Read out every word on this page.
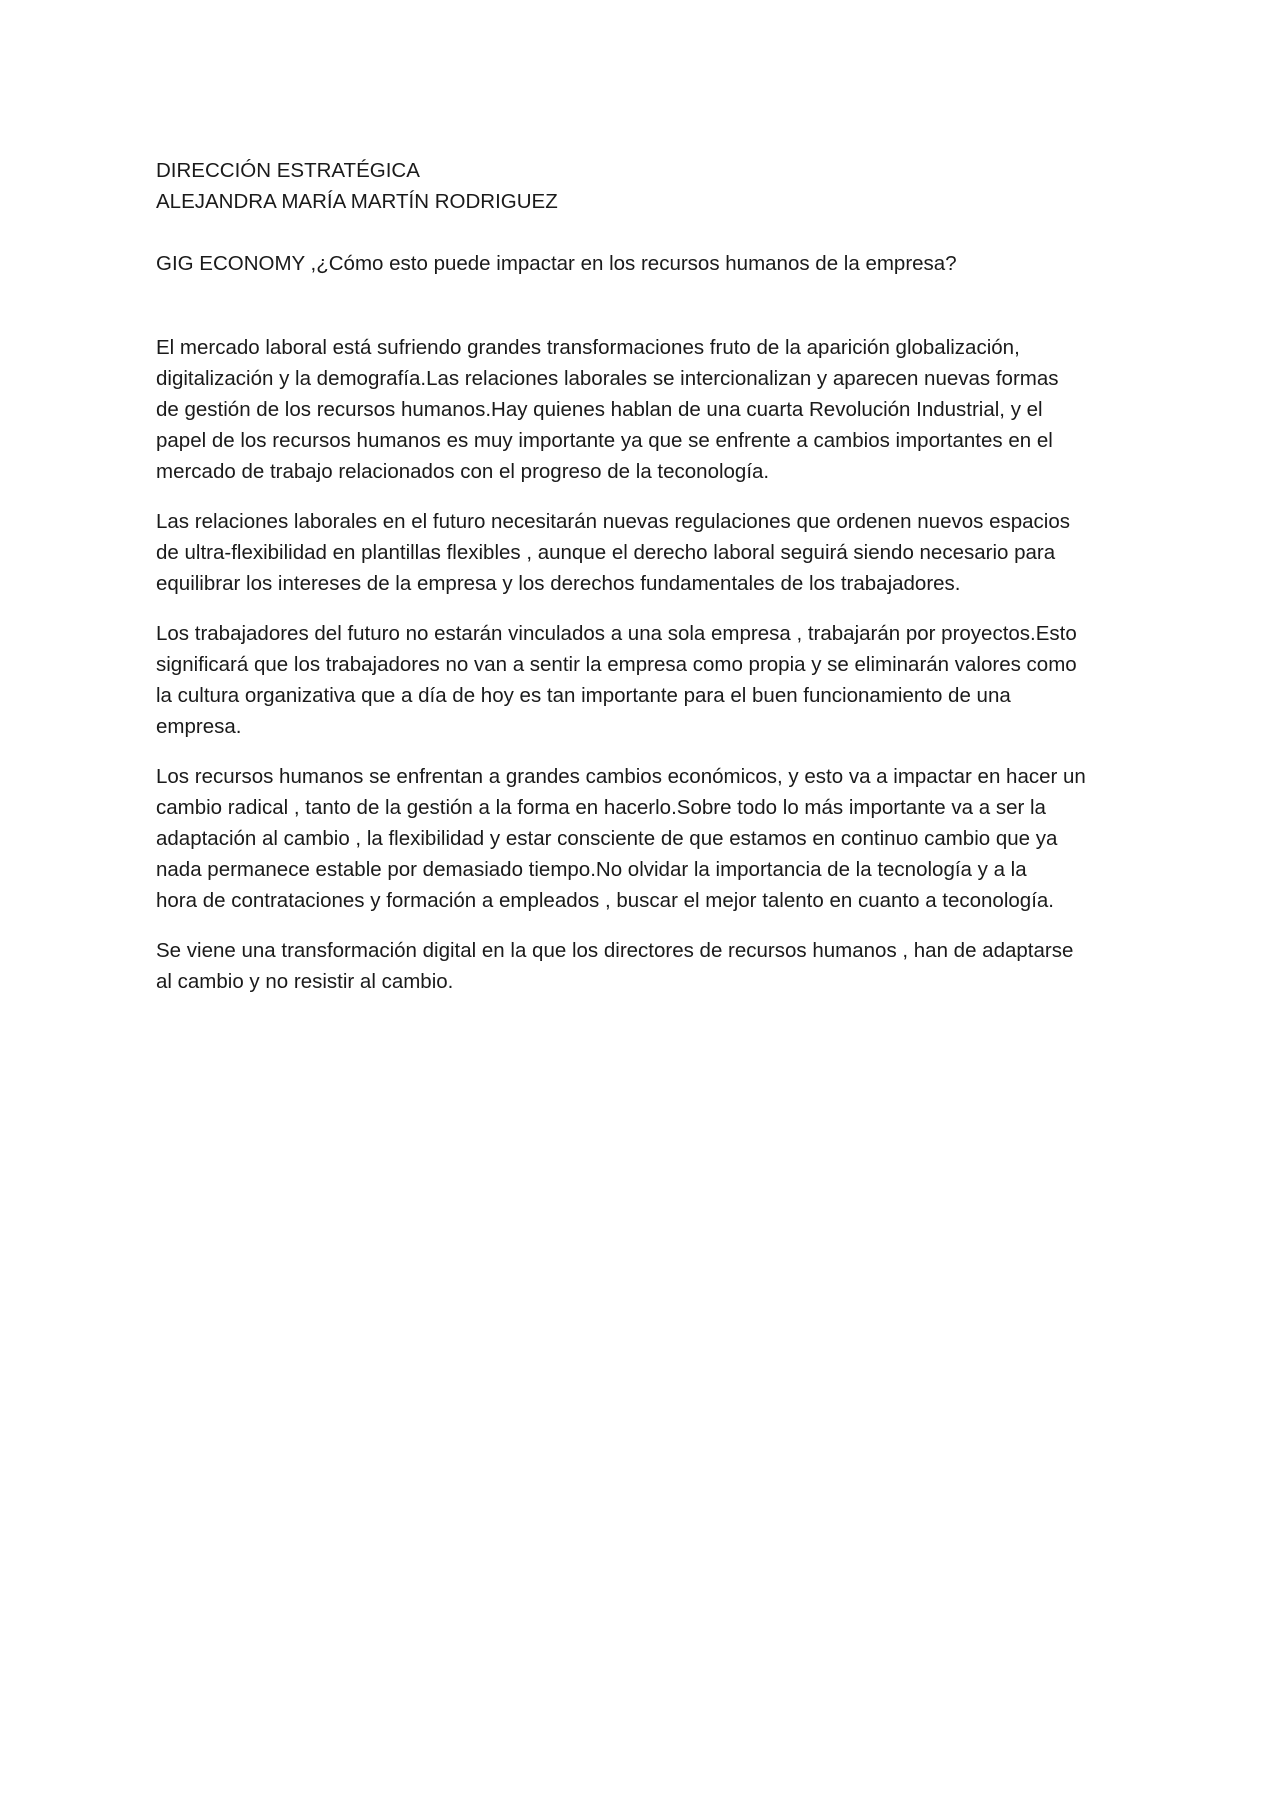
DIRECCIÓN ESTRATÉGICA

ALEJANDRA MARÍA MARTÍN RODRIGUEZ

GIG ECONOMY ,¿Cómo esto puede impactar en los recursos humanos de la empresa?

El mercado laboral está sufriendo grandes transformaciones fruto de la aparición globalización,
digitalización y la demografía.Las relaciones laborales se intercionalizan y aparecen nuevas formas
de gestión de los recursos humanos.Hay quienes hablan de una cuarta Revolución Industrial, y el
papel de los recursos humanos es muy importante ya que se enfrente a cambios importantes en el
mercado de trabajo relacionados con el progreso de la teconología.

Las relaciones laborales en el futuro necesitarán nuevas regulaciones que ordenen nuevos espacios
de ultra-flexibilidad en plantillas flexibles , aunque el derecho laboral seguirá siendo necesario para
equilibrar los intereses de la empresa y los derechos fundamentales de los trabajadores.

Los trabajadores del futuro no estarán vinculados a una sola empresa , trabajarán por proyectos.Esto
significará que los trabajadores no van a sentir la empresa como propia y se eliminarán valores como
la cultura organizativa que a día de hoy es tan importante para el buen funcionamiento de una
empresa.

Los recursos humanos se enfrentan a grandes cambios económicos, y esto va a impactar en hacer un
cambio radical , tanto de la gestión a la forma en hacerlo.Sobre todo lo más importante va a ser la
adaptación al cambio , la flexibilidad y estar consciente de que estamos en continuo cambio que ya
nada permanece estable por demasiado tiempo.No olvidar la importancia de la tecnología y a la
hora de contrataciones y formación a empleados , buscar el mejor talento en cuanto a teconología.

Se viene una transformación digital en la que los directores de recursos humanos , han de adaptarse
al cambio y no resistir al cambio.
